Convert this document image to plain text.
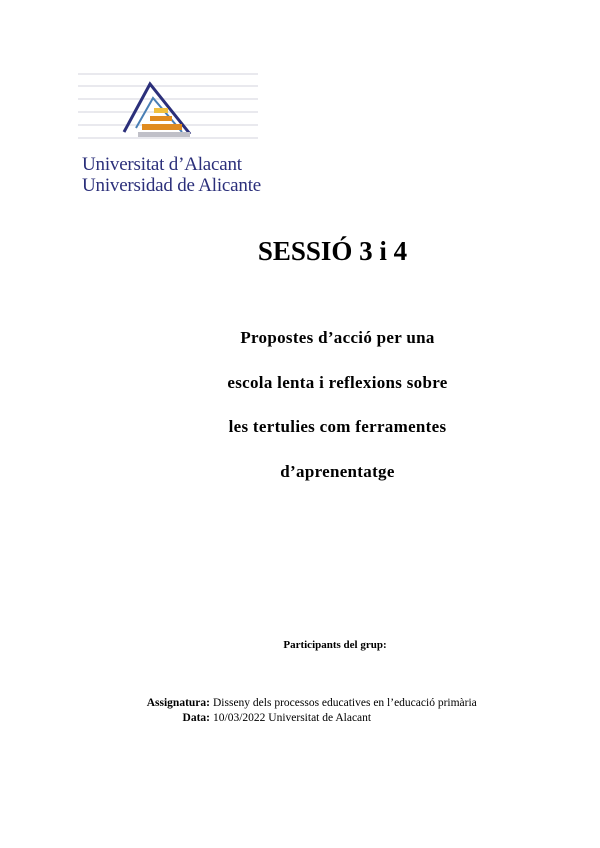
Universitat d’Alacant
Universidad de Alicante
SESSIÓ 3 i 4
Propostes d’acció per una
escola lenta i reflexions sobre
les tertulies com ferramentes
d’aprenentatge
Participants del grup:
Assignatura: Disseny dels processos educatives en l’educació primària
Data: 10/03/2022 Universitat de Alacant
